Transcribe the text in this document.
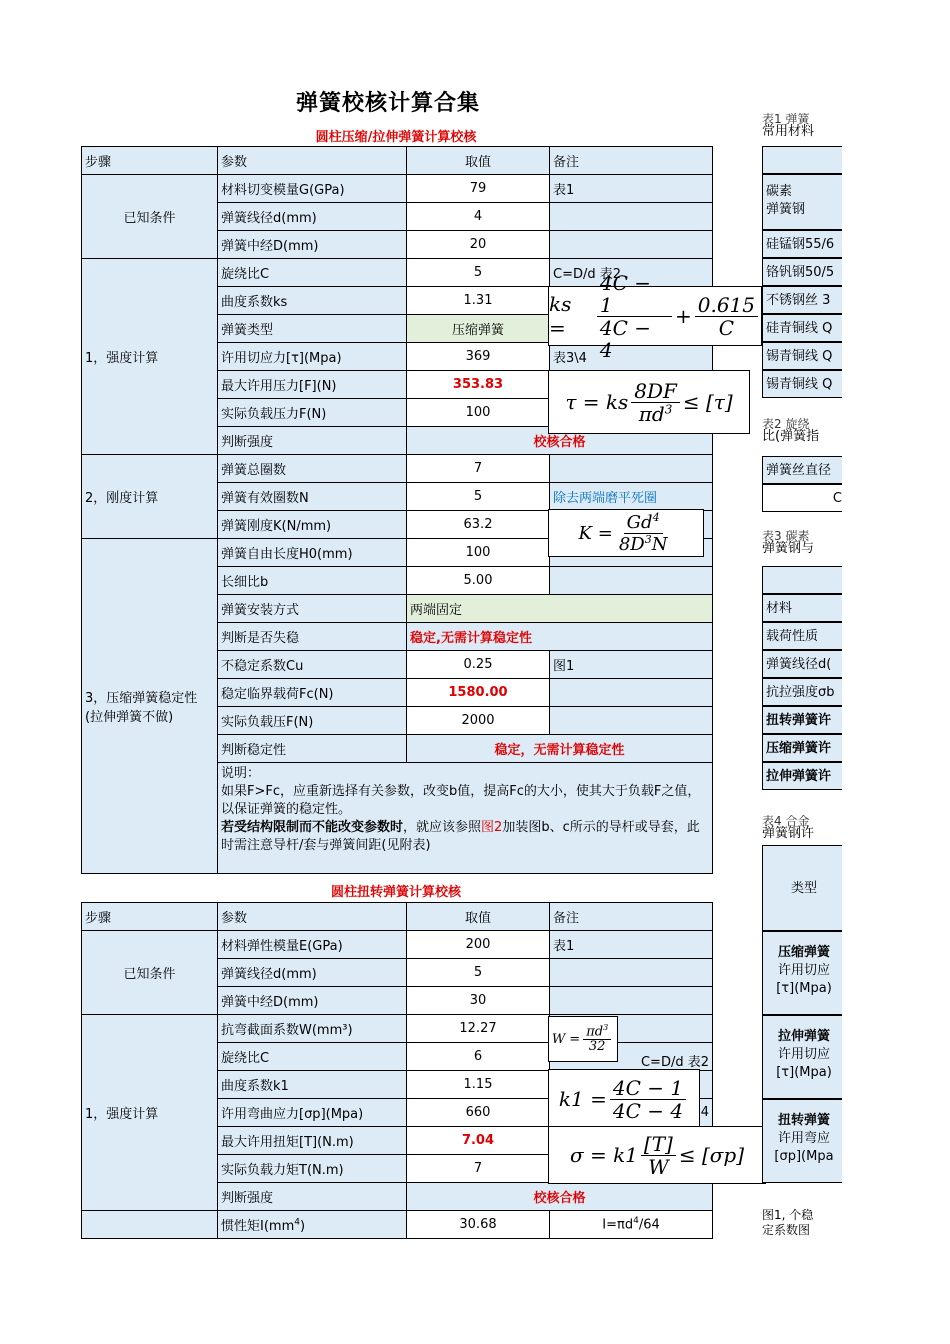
弹簧校核计算合集
圆柱压缩/拉伸弹簧计算校核
步骤	参数	取值	备注
已知条件	材料切变模量G(GPa)	79	表1
	弹簧线径d(mm)	4	
	弹簧中经D(mm)	20	
1，强度计算	旋绕比C	5	C=D/d 表2
	曲度系数ks	1.31	
	弹簧类型	压缩弹簧	
	许用切应力[τ](Mpa)	369	表3\4
	最大许用压力[F](N)	353.83	
	实际负载压力F(N)	100	
	判断强度	校核合格	
2，刚度计算	弹簧总圈数	7	
	弹簧有效圈数N	5	除去两端磨平死圈
	弹簧刚度K(N/mm)	63.2	
3，压缩弹簧稳定性(拉伸弹簧不做)	弹簧自由长度H0(mm)	100	
	长细比b	5.00	
	弹簧安装方式	两端固定	
	判断是否失稳	稳定,无需计算稳定性	
	不稳定系数Cu	0.25	图1
	稳定临界载荷Fc(N)	1580.00	
	实际负载压F(N)	2000	
	判断稳定性	稳定，无需计算稳定性	

	说明：
如果F>Fc，应重新选择有关参数，改变b值，提高Fc的大小，使其大于负载F之值，以保证弹簧的稳定性。
若受结构限制而不能改变参数时，就应该参照图2加装图b、c所示的导杆或导套，此时需注意导杆/套与弹簧间距(见附表)		
ks =	$\frac{4C - 1}{4C - 4} + \frac{0.615}{C}$
τ = ks $\frac{8DF}{\pi d^3} \le [\tau]$
$K = \frac{Gd^4}{8D^3N}$
圆柱扭转弹簧计算校核
步骤	参数	取值	备注
已知条件	材料弹性模量E(GPa)	200	表1
	弹簧线径d(mm)	5	
	弹簧中经D(mm)	30	
1，强度计算	抗弯截面系数W(mm³)	12.27	
	旋绕比C	6	C=D/d 表2
	曲度系数k1	1.15	
	许用弯曲应力[σp](Mpa)	660	4
	最大许用扭矩[T](N.m)	7.04	
	实际负载力矩T(N.m)	7	
	判断强度	校核合格	
	惯性矩$I(mm^4)$	30.68	$I=\pi d^4/64$
$W = \frac{\pi d^3}{32}$
$k1 = \frac{4C - 1}{4C - 4}$
$\sigma = k1 \frac{[T]}{W} \le [\sigma p]$
表1 弹簧
常用材料
碳素
弹簧钢
硅锰钢55/6
铬钒钢50/5
不锈钢丝 3
硅青铜线 Q
锡青铜线 Q
锡青铜线 Q
表2 旋绕
比(弹簧指
弹簧丝直径
C
表3 碳素
弹簧钢与
材料
载荷性质
弹簧线径d(
抗拉强度σb
扭转弹簧许
压缩弹簧许
拉伸弹簧许
表4 合金
弹簧钢许
类型
压缩弹簧
许用切应
[τ](Mpa)
拉伸弹簧
许用切应
[τ](Mpa)
扭转弹簧
许用弯应
[σp](Mpa
图1, 个稳
定系数图
